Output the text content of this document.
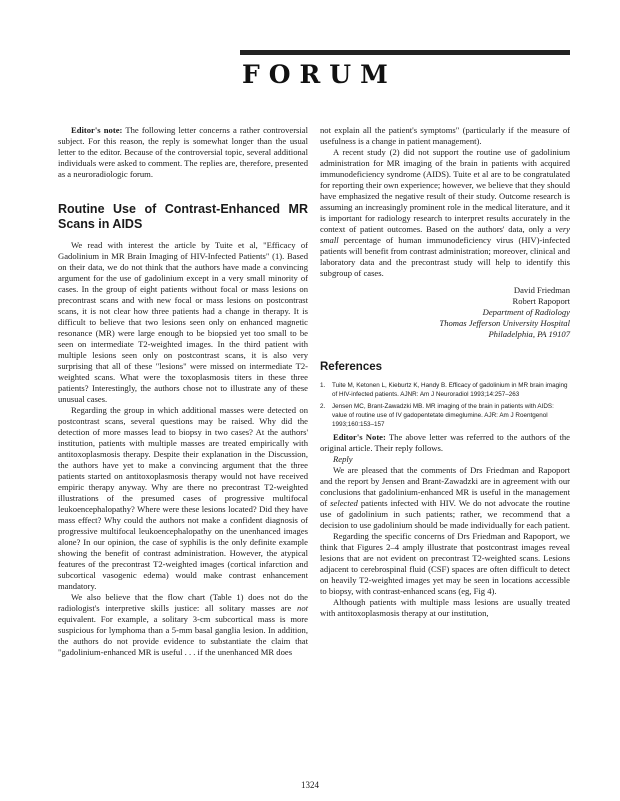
FORUM

Editor's note: The following letter concerns a rather controversial subject. For this reason, the reply is somewhat longer than the usual letter to the editor. Because of the controversial topic, several additional individuals were asked to comment. The replies are, therefore, presented as a neuroradiologic forum.

Routine Use of Contrast-Enhanced MR Scans in AIDS

We read with interest the article by Tuite et al, "Efficacy of Gadolinium in MR Brain Imaging of HIV-Infected Patients" (1). Based on their data, we do not think that the authors have made a convincing argument for the use of gadolinium except in a very small minority of cases. In the group of eight patients without focal or mass lesions on precontrast scans and with new focal or mass lesions on postcontrast scans, it is not clear how three patients had a change in therapy. It is difficult to believe that two lesions seen only on enhanced magnetic resonance (MR) were large enough to be biopsied yet too small to be seen on intermediate T2-weighted images. In the third patient with multiple lesions seen only on postcontrast scans, it is also very surprising that all of these "lesions" were missed on intermediate T2-weighted scans. What were the toxoplasmosis titers in these three patients? Interestingly, the authors chose not to illustrate any of these unusual cases.

Regarding the group in which additional masses were detected on postcontrast scans, several questions may be raised. Why did the detection of more masses lead to biopsy in two cases? At the authors' institution, patients with multiple masses are treated empirically with antitoxoplasmosis therapy. Despite their explanation in the Discussion, the authors have yet to make a convincing argument that the three patients started on antitoxoplasmosis therapy would not have received empiric therapy anyway. Why are there no precontrast T2-weighted illustrations of the presumed cases of progressive multifocal leukoencephalopathy? Where were these lesions located? Did they have mass effect? Why could the authors not make a confident diagnosis of progressive multifocal leukoencephalopathy on the unenhanced images alone? In our opinion, the case of syphilis is the only definite example showing the benefit of contrast administration. However, the atypical features of the precontrast T2-weighted images (cortical infarction and subcortical vasogenic edema) would make contrast enhancement mandatory.

We also believe that the flow chart (Table 1) does not do the radiologist's interpretive skills justice: all solitary masses are not equivalent. For example, a solitary 3-cm subcortical mass is more suspicious for lymphoma than a 5-mm basal ganglia lesion. In addition, the authors do not provide evidence to substantiate the claim that "gadolinium-enhanced MR is useful . . . if the unenhanced MR does

not explain all the patient's symptoms" (particularly if the measure of usefulness is a change in patient management).

A recent study (2) did not support the routine use of gadolinium administration for MR imaging of the brain in patients with acquired immunodeficiency syndrome (AIDS). Tuite et al are to be congratulated for reporting their own experience; however, we believe that they should have emphasized the negative result of their study. Outcome research is assuming an increasingly prominent role in the medical literature, and it is important for radiology research to interpret results accurately in the context of patient outcomes. Based on the authors' data, only a very small percentage of human immunodeficiency virus (HIV)-infected patients will benefit from contrast administration; moreover, clinical and laboratory data and the precontrast study will help to identify this subgroup of cases.

David Friedman
Robert Rapoport
Department of Radiology
Thomas Jefferson University Hospital
Philadelphia, PA 19107
References
1.	Tuite M, Ketonen L, Kieburtz K, Handy B. Efficacy of gadolinium in MR brain imaging of HIV-infected patients. AJNR: Am J Neuroradiol 1993;14:257–263
2.	Jensen MC, Brant-Zawadzki MB. MR imaging of the brain in patients with AIDS: value of routine use of IV gadopentetate dimeglumine. AJR: Am J Roentgenol 1993;160:153–157

Editor's Note: The above letter was referred to the authors of the original article. Their reply follows.

Reply

We are pleased that the comments of Drs Friedman and Rapoport and the report by Jensen and Brant-Zawadzki are in agreement with our conclusions that gadolinium-enhanced MR is useful in the management of selected patients infected with HIV. We do not advocate the routine use of gadolinium in such patients; rather, we recommend that a decision to use gadolinium should be made individually for each patient.

Regarding the specific concerns of Drs Friedman and Rapoport, we think that Figures 2–4 amply illustrate that postcontrast images reveal lesions that are not evident on precontrast T2-weighted scans. Lesions adjacent to cerebrospinal fluid (CSF) spaces are often difficult to detect on heavily T2-weighted images yet may be seen in locations accessible to biopsy, with contrast-enhanced scans (eg, Fig 4).

Although patients with multiple mass lesions are usually treated with antitoxoplasmosis therapy at our institution,

1324
